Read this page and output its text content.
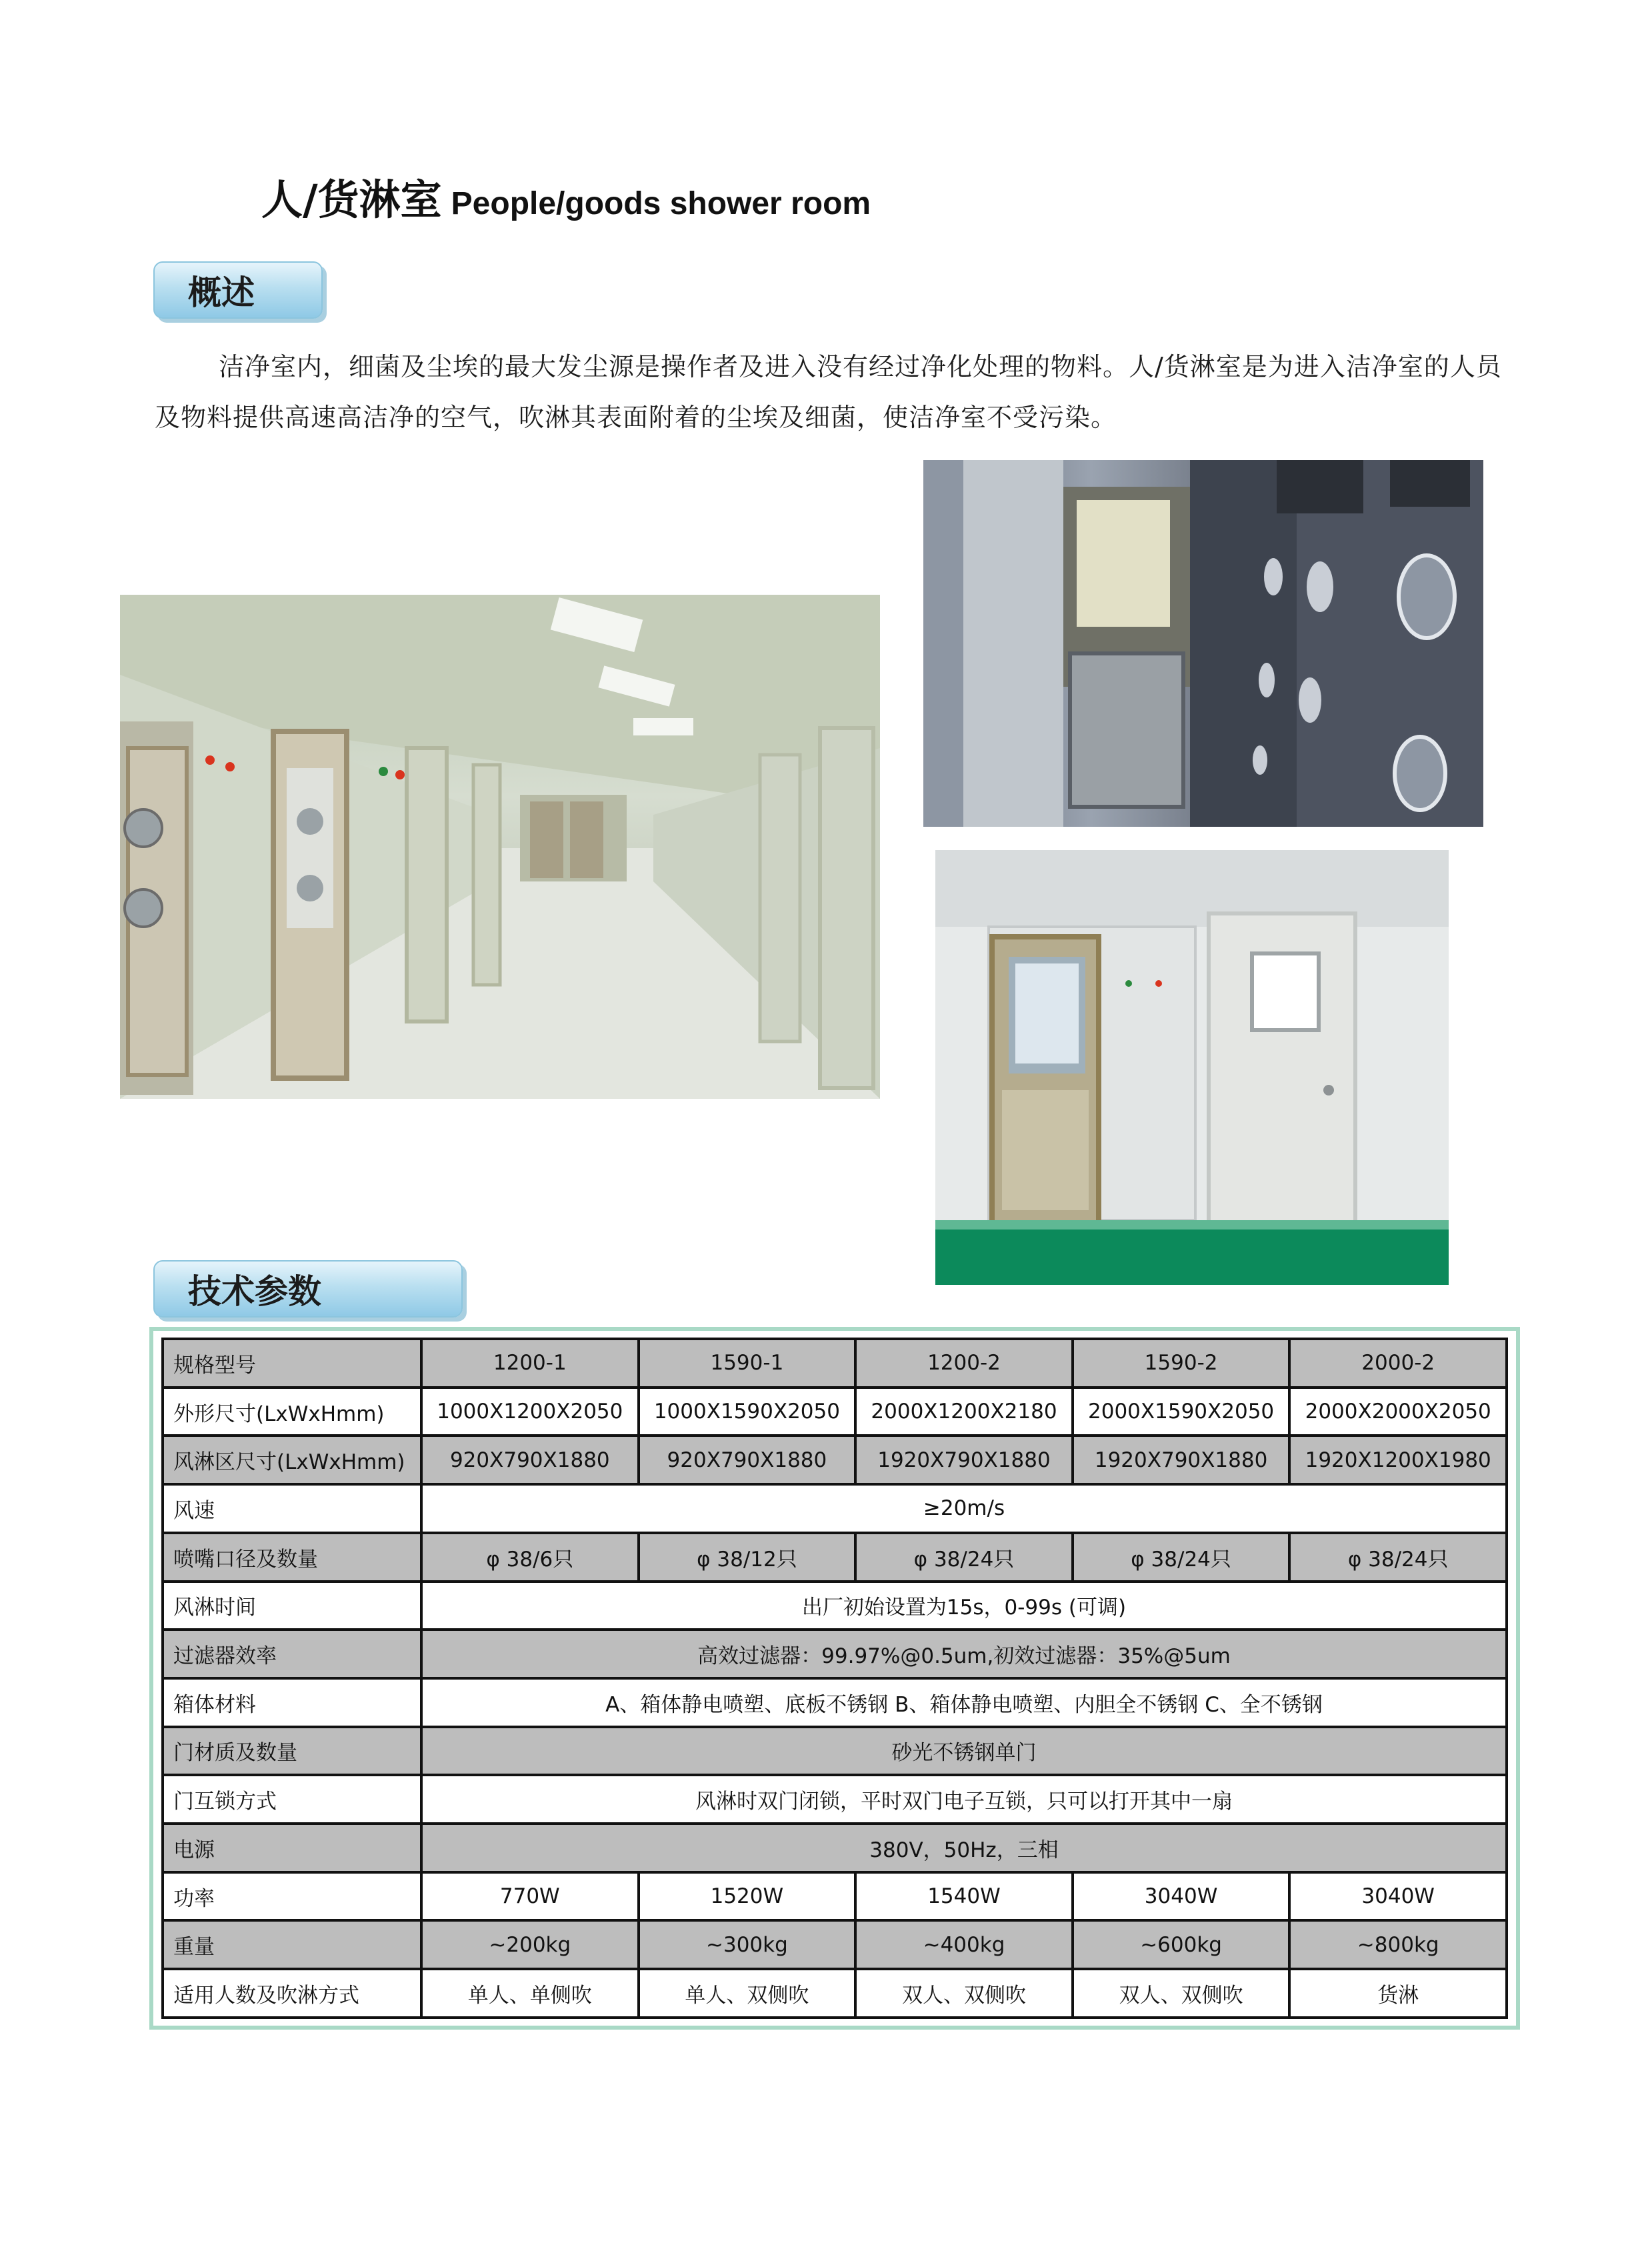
人/货淋室 People/goods shower room
概述

洁净室内，细菌及尘埃的最大发尘源是操作者及进入没有经过净化处理的物料。人/货淋室是为进入洁净室的人员及物料提供高速高洁净的空气，吹淋其表面附着的尘埃及细菌，使洁净室不受污染。

技术参数
规格型号	1200-1	1590-1	1200-2	1590-2	2000-2
外形尺寸(LxWxHmm)	1000X1200X2050	1000X1590X2050	2000X1200X2180	2000X1590X2050	2000X2000X2050
风淋区尺寸(LxWxHmm)	920X790X1880	920X790X1880	1920X790X1880	1920X790X1880	1920X1200X1980
风速	≥20m/s				
喷嘴口径及数量	φ 38/6只	φ 38/12只	φ 38/24只	φ 38/24只	φ 38/24只
风淋时间	出厂初始设置为15s，0-99s (可调)				
过滤器效率	高效过滤器：99.97%@0.5um,初效过滤器：35%@5um				
箱体材料	A、箱体静电喷塑、底板不锈钢 B、箱体静电喷塑、内胆全不锈钢 C、全不锈钢				
门材质及数量	砂光不锈钢单门				
门互锁方式	风淋时双门闭锁，平时双门电子互锁，只可以打开其中一扇				
电源	380V，50Hz，三相				
功率	770W	1520W	1540W	3040W	3040W
重量	~200kg	~300kg	~400kg	~600kg	~800kg
适用人数及吹淋方式	单人、单侧吹	单人、双侧吹	双人、双侧吹	双人、双侧吹	货淋
